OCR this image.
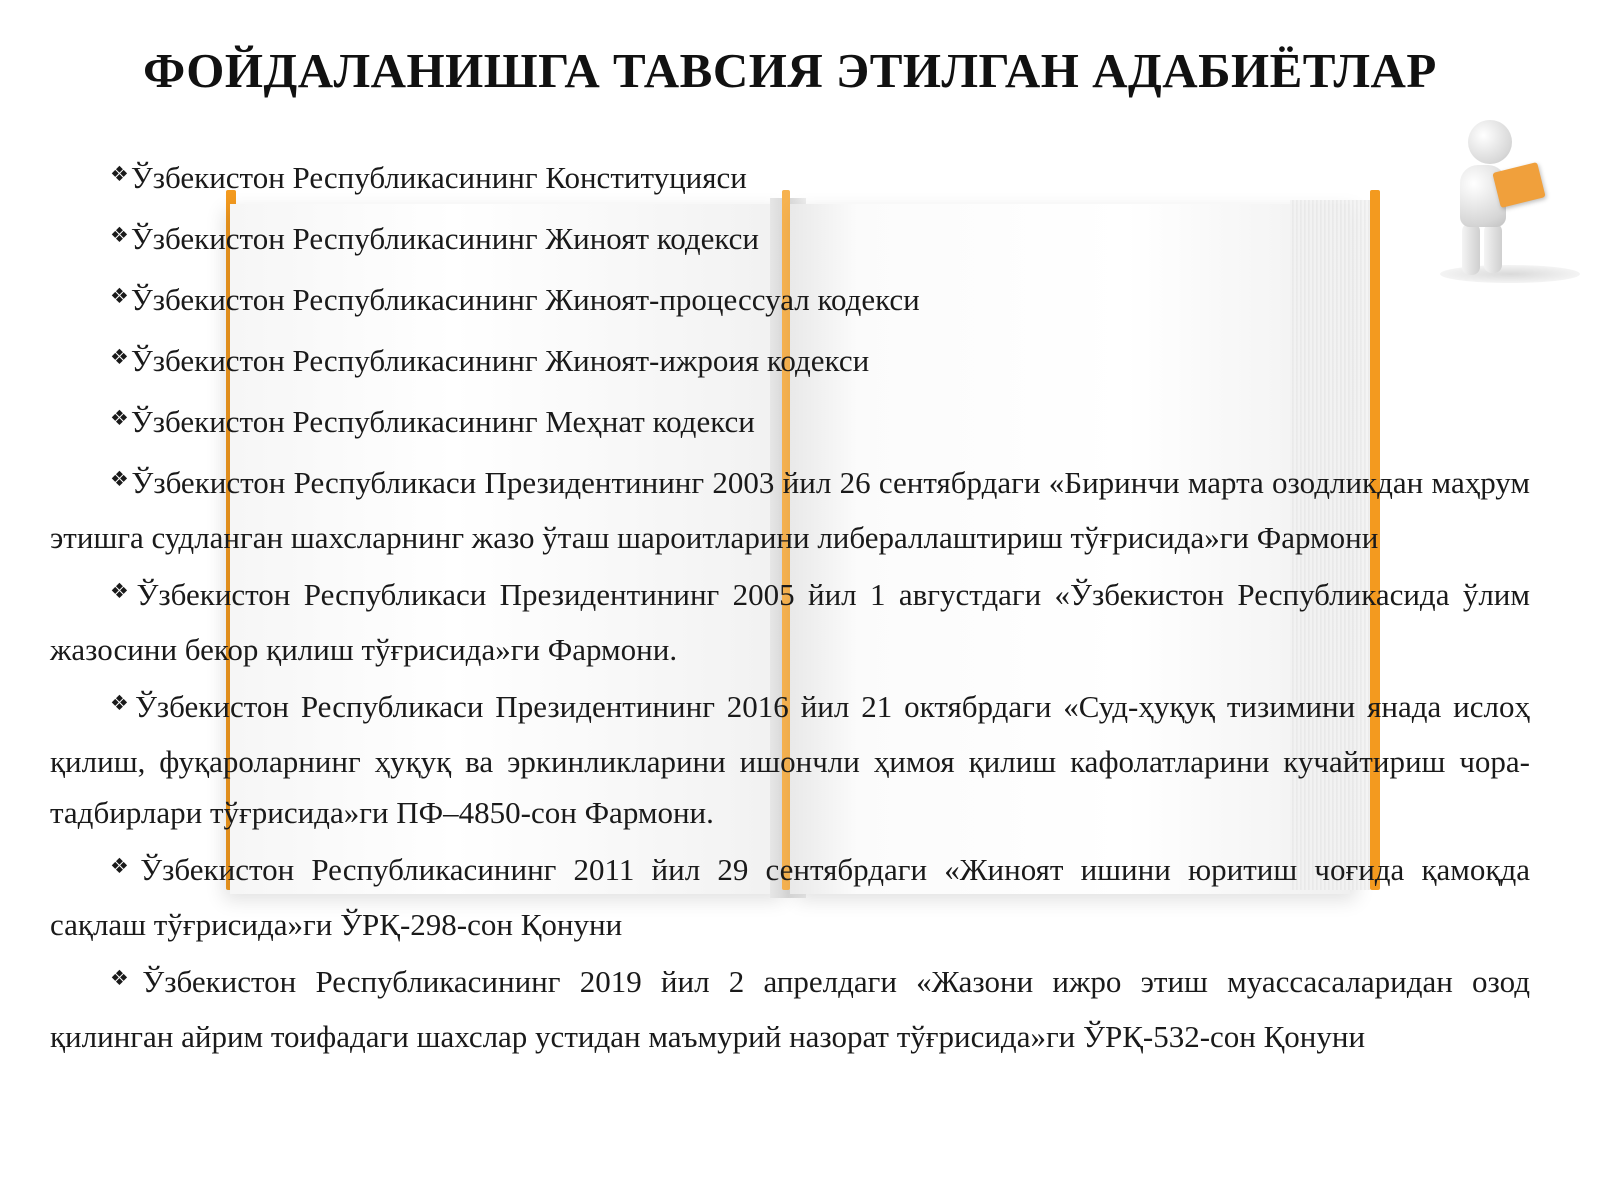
ФОЙДАЛАНИШГА ТАВСИЯ ЭТИЛГАН АДАБИЁТЛАР

❖Ўзбекистон Республикасининг Конституцияси

❖Ўзбекистон Республикасининг Жиноят кодекси

❖Ўзбекистон Республикасининг Жиноят-процессуал кодекси

❖Ўзбекистон Республикасининг Жиноят-ижроия кодекси

❖Ўзбекистон Республикасининг Меҳнат кодекси

❖Ўзбекистон Республикаси Президентининг 2003 йил 26 сентябрдаги «Биринчи марта озодликдан маҳрум этишга судланган шахсларнинг жазо ўташ шароитларини либераллаштириш тўғрисида»ги Фармони

❖Ўзбекистон Республикаси Президентининг 2005 йил 1 августдаги «Ўзбекистон Республикасида ўлим жазосини бекор қилиш тўғрисида»ги Фармони.

❖Ўзбекистон Республикаси Президентининг 2016 йил 21 октябрдаги «Суд-ҳуқуқ тизимини янада ислоҳ қилиш, фуқароларнинг ҳуқуқ ва эркинликларини ишончли ҳимоя қилиш кафолатларини кучайтириш чора-тадбирлари тўғрисида»ги ПФ–4850-сон Фармони.

❖Ўзбекистон Республикасининг 2011 йил 29 сентябрдаги «Жиноят ишини юритиш чоғида қамоқда сақлаш тўғрисида»ги ЎРҚ-298-сон Қонуни

❖Ўзбекистон Республикасининг 2019 йил 2 апрелдаги «Жазони ижро этиш муассасаларидан озод қилинган айрим тоифадаги шахслар устидан маъмурий назорат тўғрисида»ги ЎРҚ-532-сон Қонуни
